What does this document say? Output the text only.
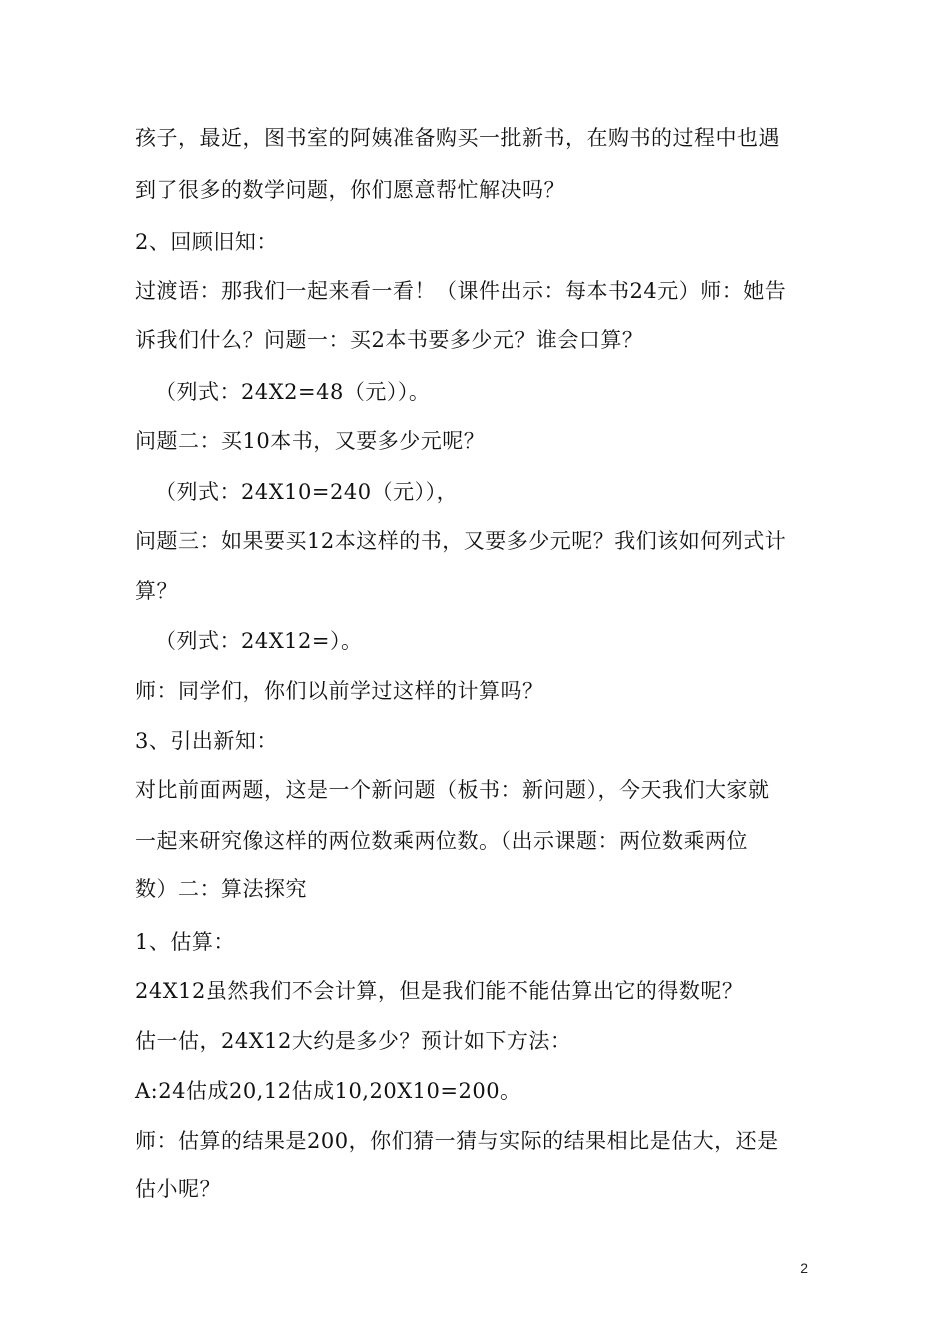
孩子，最近，图书室的阿姨准备购买一批新书，在购书的过程中也遇
到了很多的数学问题，你们愿意帮忙解决吗？
2、回顾旧知：
过渡语：那我们一起来看一看！（课件出示：每本书24元）师：她告
诉我们什么？问题一：买2本书要多少元？谁会口算？
（列式：24X2=48（元））。
问题二：买10本书，又要多少元呢？
（列式：24X10=240（元）），
问题三：如果要买12本这样的书，又要多少元呢？我们该如何列式计
算？
（列式：24X12=）。
师：同学们，你们以前学过这样的计算吗？
3、引出新知：
对比前面两题，这是一个新问题（板书：新问题），今天我们大家就
一起来研究像这样的两位数乘两位数。（出示课题：两位数乘两位
数）二：算法探究
1、估算：
24X12虽然我们不会计算，但是我们能不能估算出它的得数呢？
估一估，24X12大约是多少？预计如下方法：
A:24估成20,12估成10,20X10=200。
师：估算的结果是200，你们猜一猜与实际的结果相比是估大，还是
估小呢？
2
